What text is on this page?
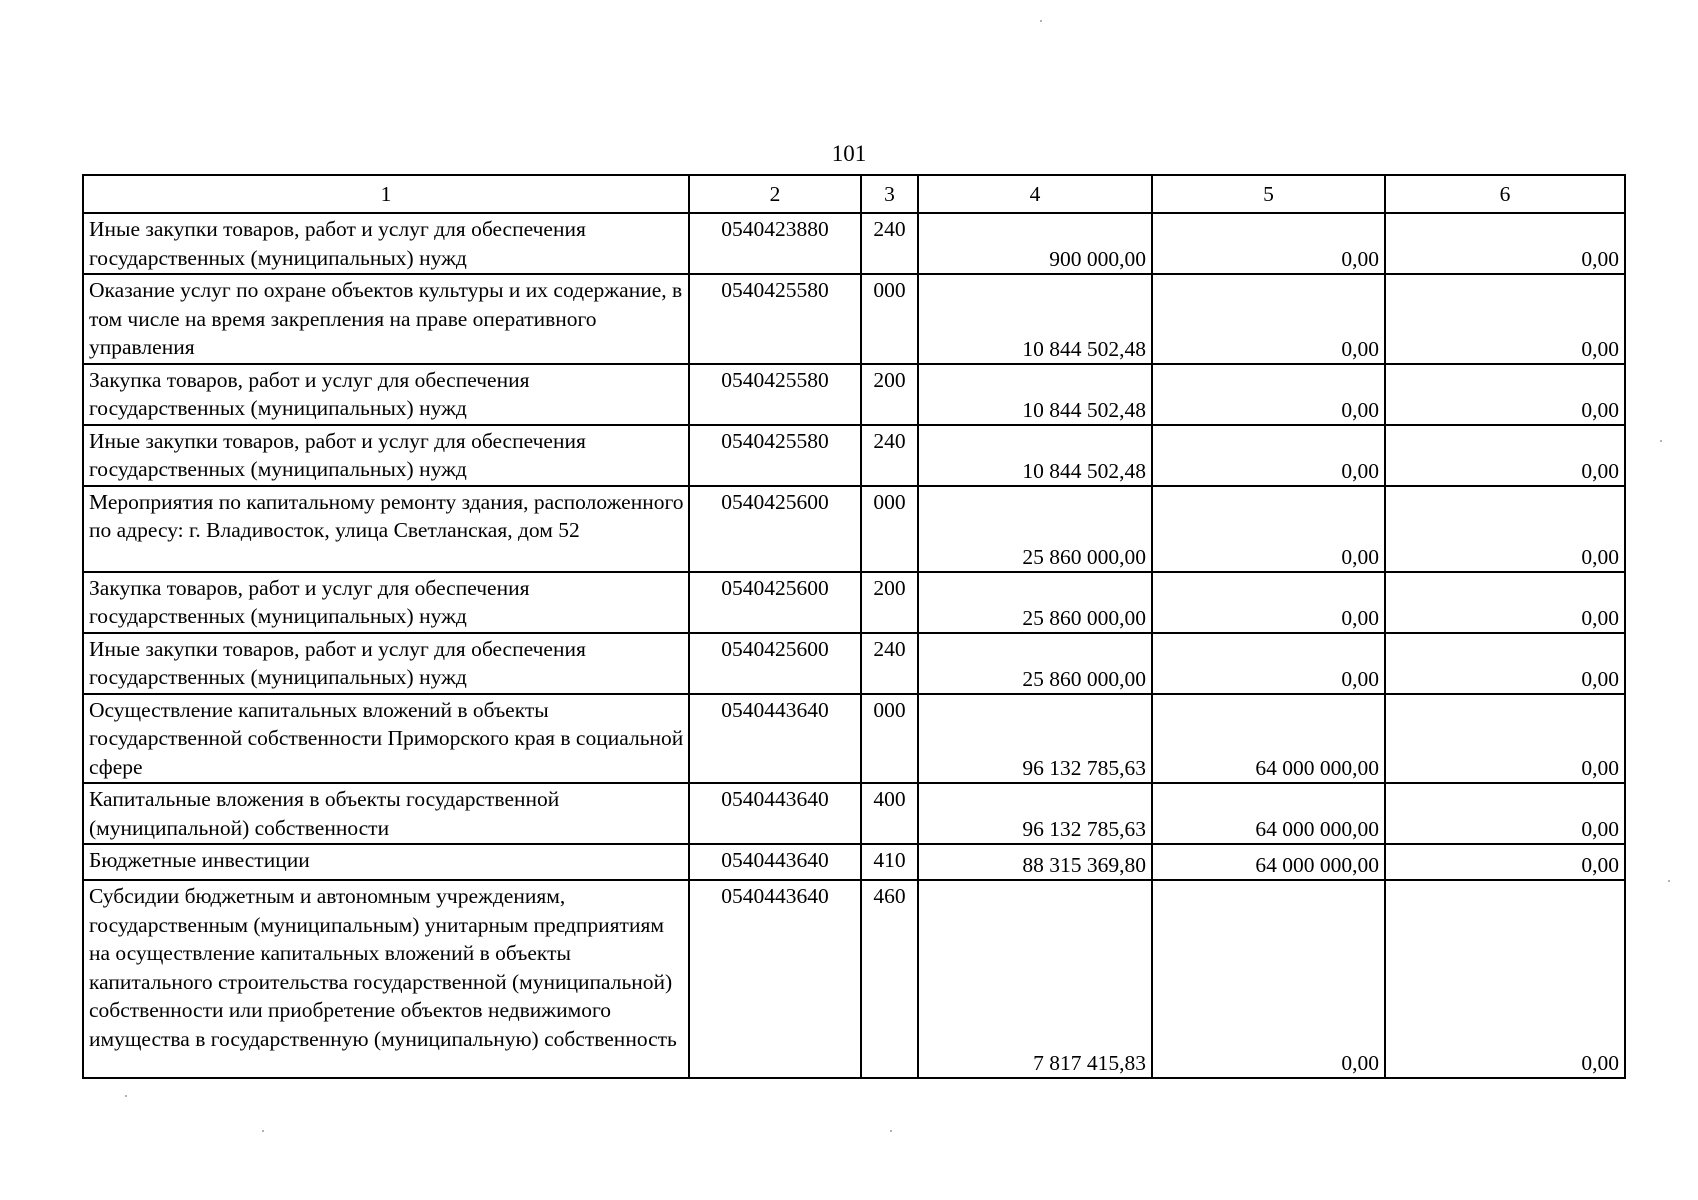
101
1	2	3	4	5	6
Иные закупки товаров, работ и услуг для обеспечения государственных (муниципальных) нужд	0540423880	240	900 000,00	0,00	0,00
Оказание услуг по охране объектов культуры и их содержание, в том числе на время закрепления на праве оперативного управления	0540425580	000	10 844 502,48	0,00	0,00
Закупка товаров, работ и услуг для обеспечения государственных (муниципальных) нужд	0540425580	200	10 844 502,48	0,00	0,00
Иные закупки товаров, работ и услуг для обеспечения государственных (муниципальных) нужд	0540425580	240	10 844 502,48	0,00	0,00
Мероприятия по капитальному ремонту здания, расположенного по адресу: г. Владивосток, улица Светланская, дом 52	0540425600	000	25 860 000,00	0,00	0,00
Закупка товаров, работ и услуг для обеспечения государственных (муниципальных) нужд	0540425600	200	25 860 000,00	0,00	0,00
Иные закупки товаров, работ и услуг для обеспечения государственных (муниципальных) нужд	0540425600	240	25 860 000,00	0,00	0,00
Осуществление капитальных вложений в объекты государственной собственности Приморского края в социальной сфере	0540443640	000	96 132 785,63	64 000 000,00	0,00
Капитальные вложения в объекты государственной (муниципальной) собственности	0540443640	400	96 132 785,63	64 000 000,00	0,00
Бюджетные инвестиции	0540443640	410	88 315 369,80	64 000 000,00	0,00
Субсидии бюджетным и автономным учреждениям, государственным (муниципальным) унитарным предприятиям на осуществление капитальных вложений в объекты капитального строительства государственной (муниципальной) собственности или приобретение объектов недвижимого имущества в государственную (муниципальную) собственность	0540443640	460	7 817 415,83	0,00	0,00
